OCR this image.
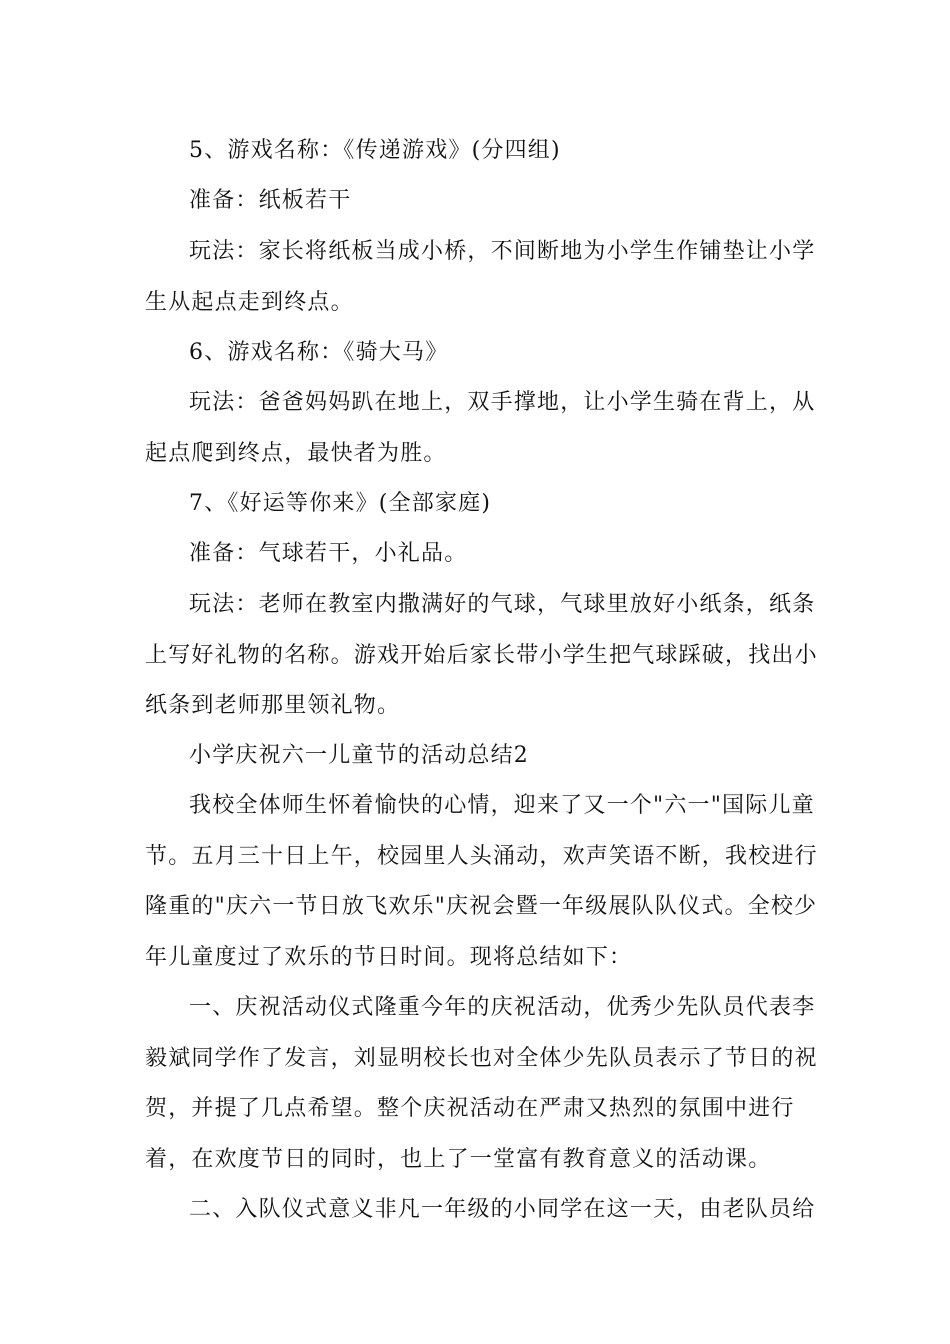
5、游戏名称：《传递游戏》(分四组)

准备：纸板若干

玩法：家长将纸板当成小桥，不间断地为小学生作铺垫让小学生从起点走到终点。

6、游戏名称：《骑大马》

玩法：爸爸妈妈趴在地上，双手撑地，让小学生骑在背上，从起点爬到终点，最快者为胜。

7、《好运等你来》(全部家庭)

准备：气球若干，小礼品。

玩法：老师在教室内撒满好的气球，气球里放好小纸条，纸条上写好礼物的名称。游戏开始后家长带小学生把气球踩破，找出小纸条到老师那里领礼物。

小学庆祝六一儿童节的活动总结2

我校全体师生怀着愉快的心情，迎来了又一个"六一"国际儿童节。五月三十日上午，校园里人头涌动，欢声笑语不断，我校进行隆重的"庆六一节日放飞欢乐"庆祝会暨一年级展队队仪式。全校少年儿童度过了欢乐的节日时间。现将总结如下：

一、庆祝活动仪式隆重今年的庆祝活动，优秀少先队员代表李毅斌同学作了发言，刘显明校长也对全体少先队员表示了节日的祝贺，并提了几点希望。整个庆祝活动在严肃又热烈的氛围中进行着，在欢度节日的同时，也上了一堂富有教育意义的活动课。

二、入队仪式意义非凡一年级的小同学在这一天，由老队员给
